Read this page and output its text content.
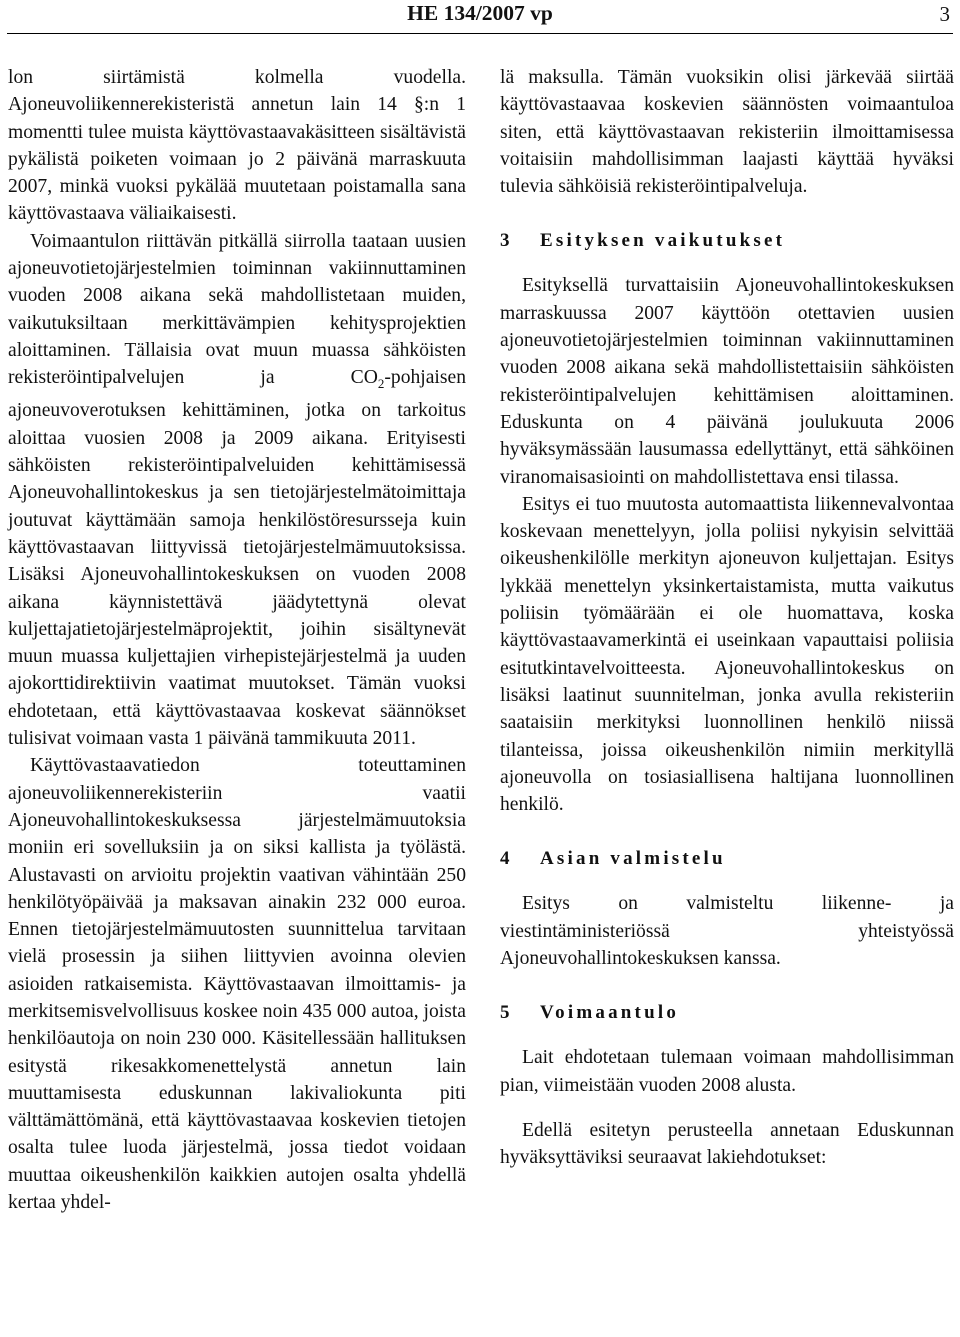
HE 134/2007 vp	3

lon siirtämistä kolmella vuodella. Ajoneuvoliikennerekisteristä annetun lain 14 §:n 1 momentti tulee muista käyttövastaavakäsitteen sisältävistä pykälistä poiketen voimaan jo 2 päivänä marraskuuta 2007, minkä vuoksi pykälää muutetaan poistamalla sana käyttövastaava väliaikaisesti.

Voimaantulon riittävän pitkällä siirrolla taataan uusien ajoneuvotietojärjestelmien toiminnan vakiinnuttaminen vuoden 2008 aikana sekä mahdollistetaan muiden, vaikutuksiltaan merkittävämpien kehitysprojektien aloittaminen. Tällaisia ovat muun muassa sähköisten rekisteröintipalvelujen ja $CO_2$-pohjaisen ajoneuvoverotuksen kehittäminen, jotka on tarkoitus aloittaa vuosien 2008 ja 2009 aikana. Erityisesti sähköisten rekisteröintipalveluiden kehittämisessä Ajoneuvohallintokeskus ja sen tietojärjestelmätoimittaja joutuvat käyttämään samoja henkilöstöresursseja kuin käyttövastaavan liittyvissä tietojärjestelmämuutoksissa. Lisäksi Ajoneuvohallintokeskuksen on vuoden 2008 aikana käynnistettävä jäädytettynä olevat kuljettajatietojärjestelmäprojektit, joihin sisältynevät muun muassa kuljettajien virhepistejärjestelmä ja uuden ajokorttidirektiivin vaatimat muutokset. Tämän vuoksi ehdotetaan, että käyttövastaavaa koskevat säännökset tulisivat voimaan vasta 1 päivänä tammikuuta 2011.

Käyttövastaavatiedon toteuttaminen ajoneuvoliikennerekisteriin vaatii Ajoneuvohallintokeskuksessa järjestelmämuutoksia moniin eri sovelluksiin ja on siksi kallista ja työlästä. Alustavasti on arvioitu projektin vaativan vähintään 250 henkilötyöpäivää ja maksavan ainakin 232 000 euroa. Ennen tietojärjestelmämuutosten suunnittelua tarvitaan vielä prosessin ja siihen liittyvien avoinna olevien asioiden ratkaisemista. Käyttövastaavan ilmoittamis- ja merkitsemisvelvollisuus koskee noin 435 000 autoa, joista henkilöautoja on noin 230 000. Käsitellessään hallituksen esitystä rikesakkomenettelystä annetun lain muuttamisesta eduskunnan lakivaliokunta piti välttämättömänä, että käyttövastaavaa koskevien tietojen osalta tulee luoda järjestelmä, jossa tiedot voidaan muuttaa oikeushenkilön kaikkien autojen osalta yhdellä kertaa yhdel-

lä maksulla. Tämän vuoksikin olisi järkevää siirtää käyttövastaavaa koskevien säännösten voimaantuloa siten, että käyttövastaavan rekisteriin ilmoittamisessa voitaisiin mahdollisimman laajasti käyttää hyväksi tulevia sähköisiä rekisteröintipalveluja.

3 Esityksen vaikutukset

Esityksellä turvattaisiin Ajoneuvohallintokeskuksen marraskuussa 2007 käyttöön otettavien uusien ajoneuvotietojärjestelmien toiminnan vakiinnuttaminen vuoden 2008 aikana sekä mahdollistettaisiin sähköisten rekisteröintipalvelujen kehittämisen aloittaminen. Eduskunta on 4 päivänä joulukuuta 2006 hyväksymässään lausumassa edellyttänyt, että sähköinen viranomaisasiointi on mahdollistettava ensi tilassa.

Esitys ei tuo muutosta automaattista liikennevalvontaa koskevaan menettelyyn, jolla poliisi nykyisin selvittää oikeushenkilölle merkityn ajoneuvon kuljettajan. Esitys lykkää menettelyn yksinkertaistamista, mutta vaikutus poliisin työmäärään ei ole huomattava, koska käyttövastaavamerkintä ei useinkaan vapauttaisi poliisia esitutkintavelvoitteesta. Ajoneuvohallintokeskus on lisäksi laatinut suunnitelman, jonka avulla rekisteriin saataisiin merkityksi luonnollinen henkilö niissä tilanteissa, joissa oikeushenkilön nimiin merkityllä ajoneuvolla on tosiasiallisena haltijana luonnollinen henkilö.

4 Asian valmistelu

Esitys on valmisteltu liikenne- ja viestintäministeriössä yhteistyössä Ajoneuvohallintokeskuksen kanssa.

5 Voimaantulo

Lait ehdotetaan tulemaan voimaan mahdollisimman pian, viimeistään vuoden 2008 alusta.

Edellä esitetyn perusteella annetaan Eduskunnan hyväksyttäviksi seuraavat lakiehdotukset:
